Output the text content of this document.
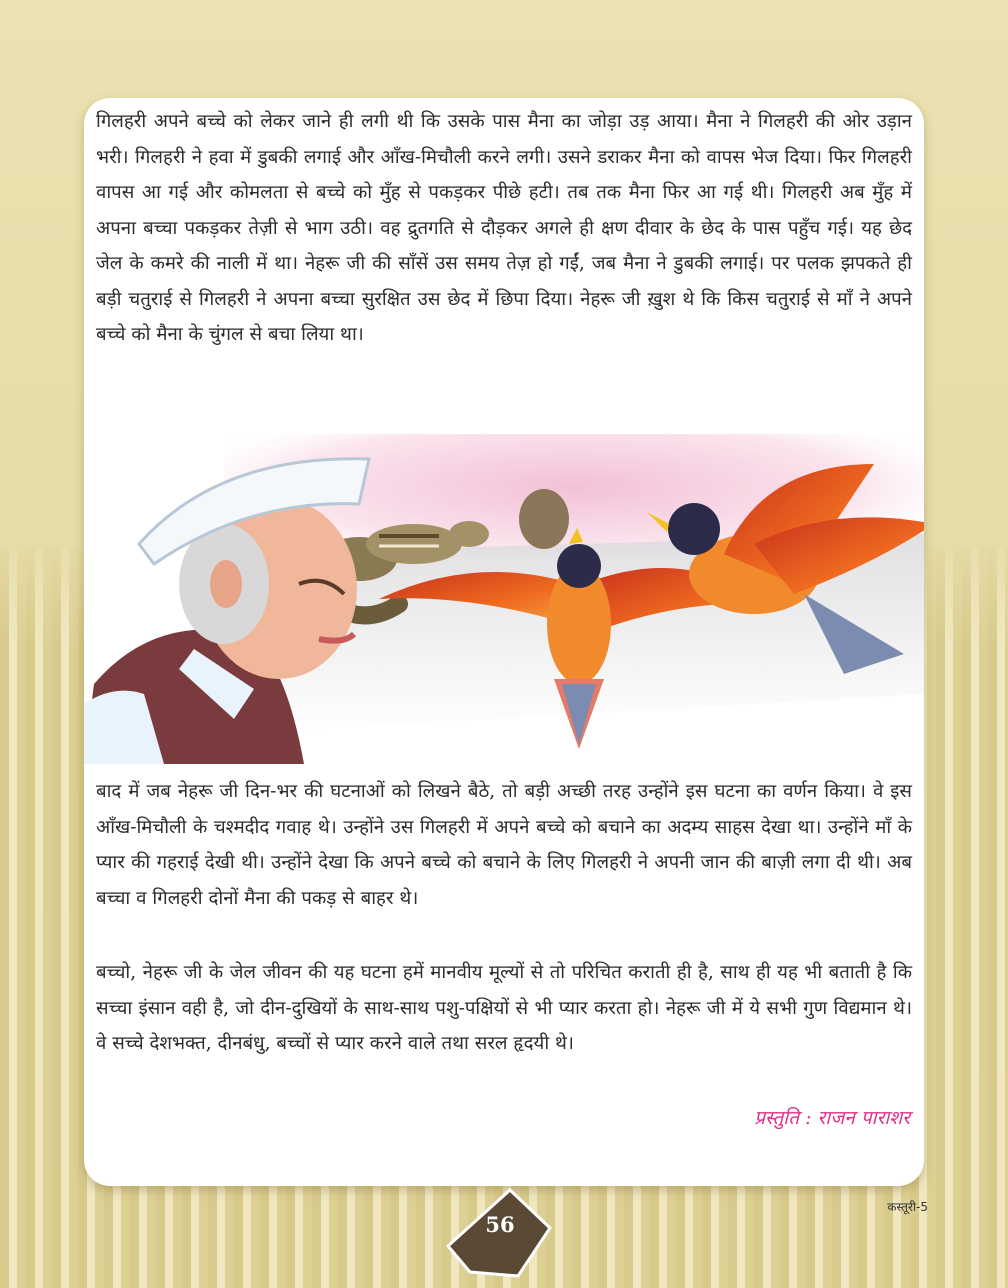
गिलहरी अपने बच्चे को लेकर जाने ही लगी थी कि उसके पास मैना का जोड़ा उड़ आया। मैना ने गिलहरी की ओर उड़ान भरी। गिलहरी ने हवा में डुबकी लगाई और आँख-मिचौली करने लगी। उसने डराकर मैना को वापस भेज दिया। फिर गिलहरी वापस आ गई और कोमलता से बच्चे को मुँह से पकड़कर पीछे हटी। तब तक मैना फिर आ गई थी। गिलहरी अब मुँह में अपना बच्चा पकड़कर तेज़ी से भाग उठी। वह द्रुतगति से दौड़कर अगले ही क्षण दीवार के छेद के पास पहुँच गई। यह छेद जेल के कमरे की नाली में था। नेहरू जी की साँसें उस समय तेज़ हो गईं, जब मैना ने डुबकी लगाई। पर पलक झपकते ही बड़ी चतुराई से गिलहरी ने अपना बच्चा सुरक्षित उस छेद में छिपा दिया। नेहरू जी ख़ुश थे कि किस चतुराई से माँ ने अपने बच्चे को मैना के चुंगल से बचा लिया था।

बाद में जब नेहरू जी दिन-भर की घटनाओं को लिखने बैठे, तो बड़ी अच्छी तरह उन्होंने इस घटना का वर्णन किया। वे इस आँख-मिचौली के चश्मदीद गवाह थे। उन्होंने उस गिलहरी में अपने बच्चे को बचाने का अदम्य साहस देखा था। उन्होंने माँ के प्यार की गहराई देखी थी। उन्होंने देखा कि अपने बच्चे को बचाने के लिए गिलहरी ने अपनी जान की बाज़ी लगा दी थी। अब बच्चा व गिलहरी दोनों मैना की पकड़ से बाहर थे।

बच्चो, नेहरू जी के जेल जीवन की यह घटना हमें मानवीय मूल्यों से तो परिचित कराती ही है, साथ ही यह भी बताती है कि सच्चा इंसान वही है, जो दीन-दुखियों के साथ-साथ पशु-पक्षियों से भी प्यार करता हो। नेहरू जी में ये सभी गुण विद्यमान थे। वे सच्चे देशभक्त, दीनबंधु, बच्चों से प्यार करने वाले तथा सरल हृदयी थे।

प्रस्तुति : राजन पाराशर
56
कस्तूरी-5
